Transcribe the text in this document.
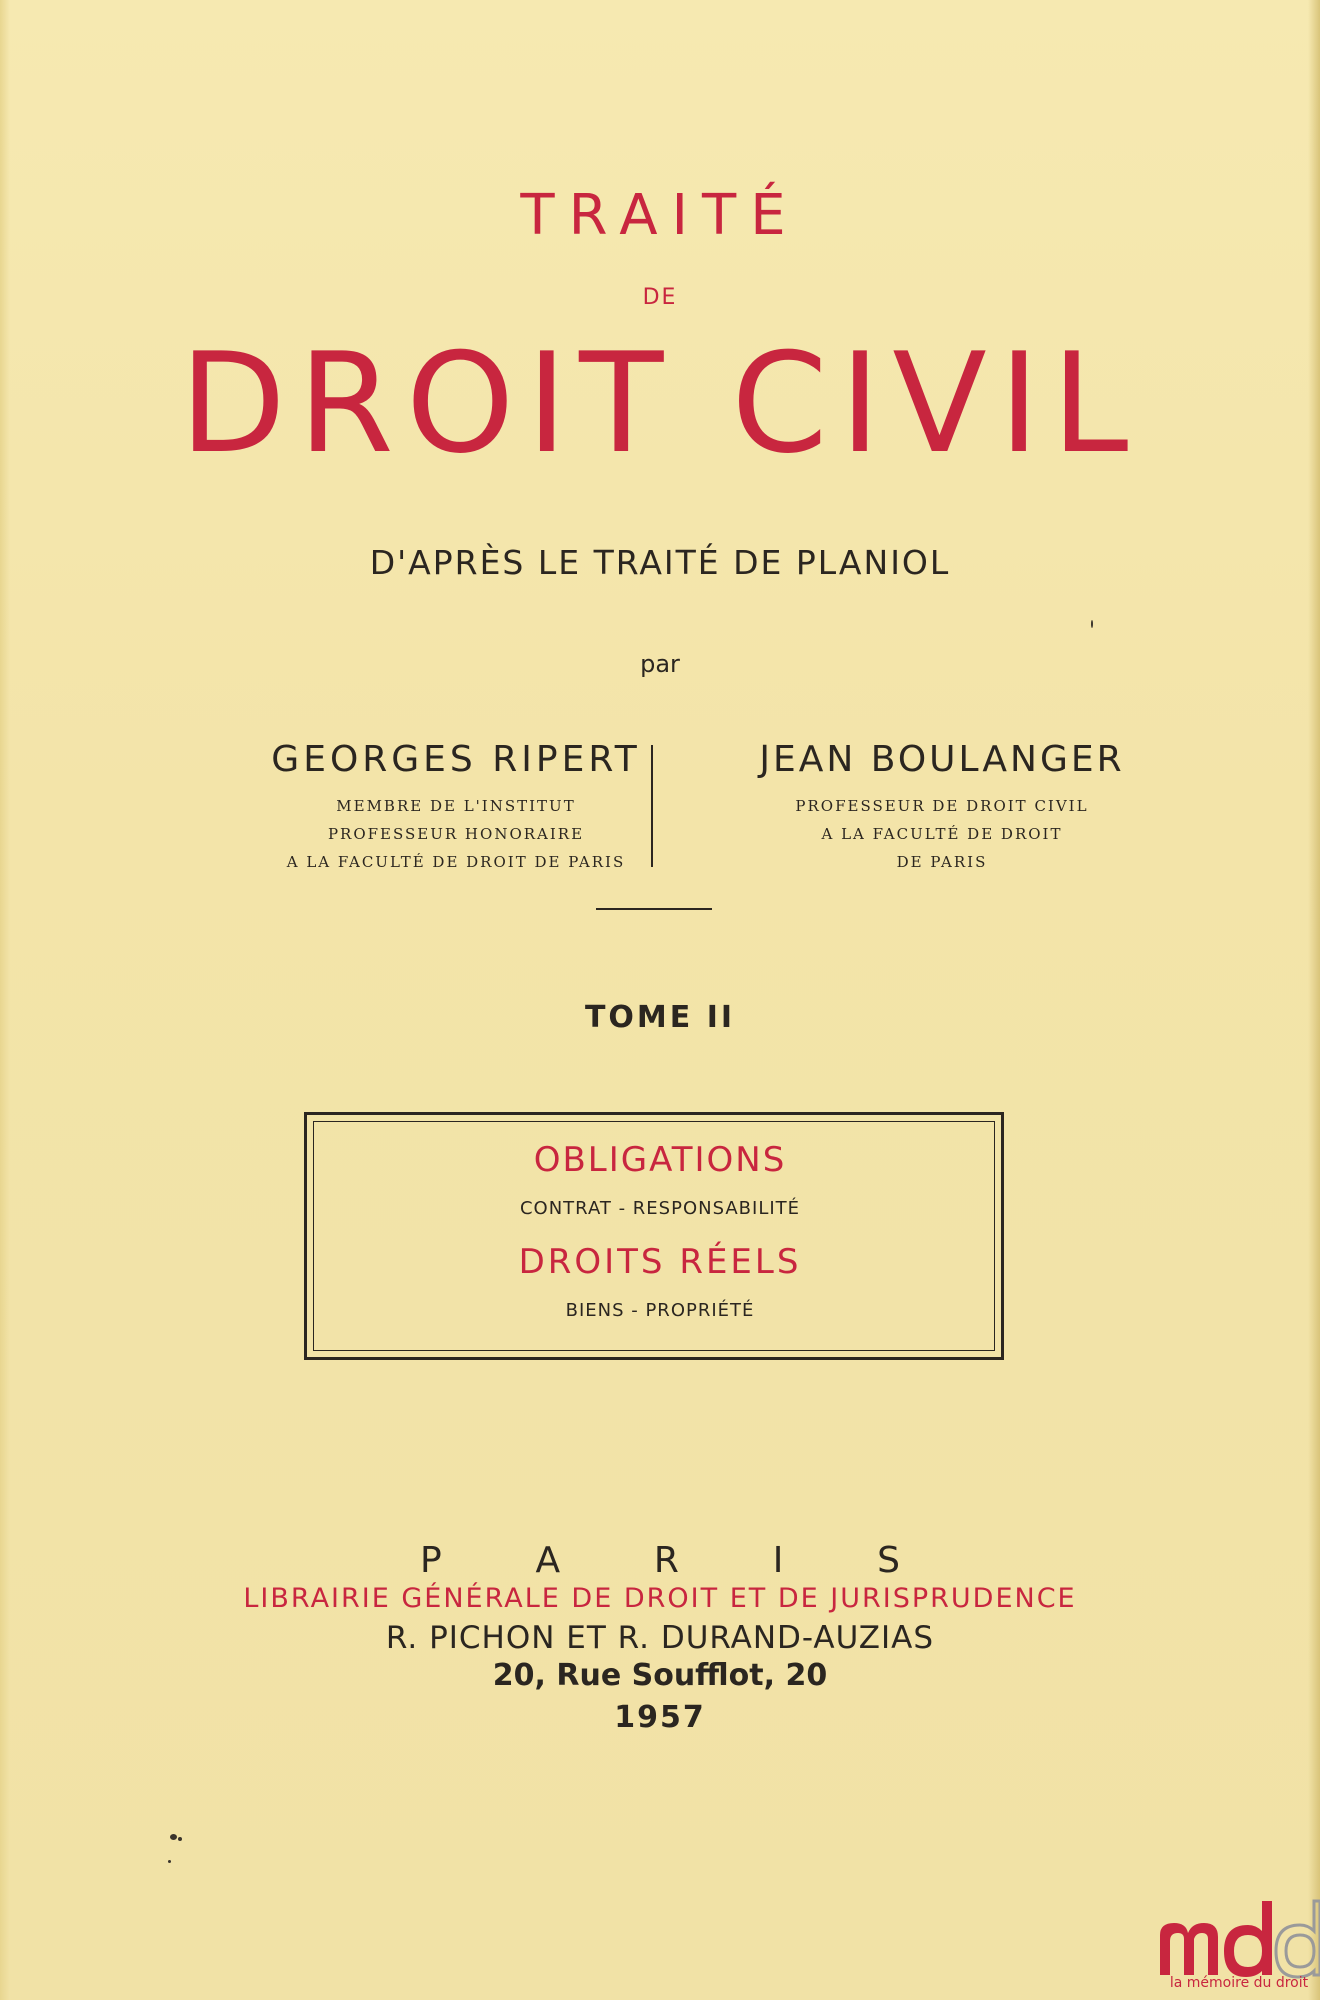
TRAITÉ
DE
DROIT CIVIL
D'APRÈS LE TRAITÉ DE PLANIOL
par
GEORGES RIPERT
MEMBRE DE L'INSTITUT
PROFESSEUR HONORAIRE
A LA FACULTÉ DE DROIT DE PARIS
JEAN BOULANGER
PROFESSEUR DE DROIT CIVIL
A LA FACULTÉ DE DROIT
DE PARIS
TOME II
OBLIGATIONS
CONTRAT - RESPONSABILITÉ
DROITS RÉELS
BIENS - PROPRIÉTÉ
P	A	R	I	S
LIBRAIRIE GÉNÉRALE DE DROIT ET DE JURISPRUDENCE
R. PICHON ET R. DURAND-AUZIAS
20, Rue Soufflot, 20
1957
la mémoire du droit
